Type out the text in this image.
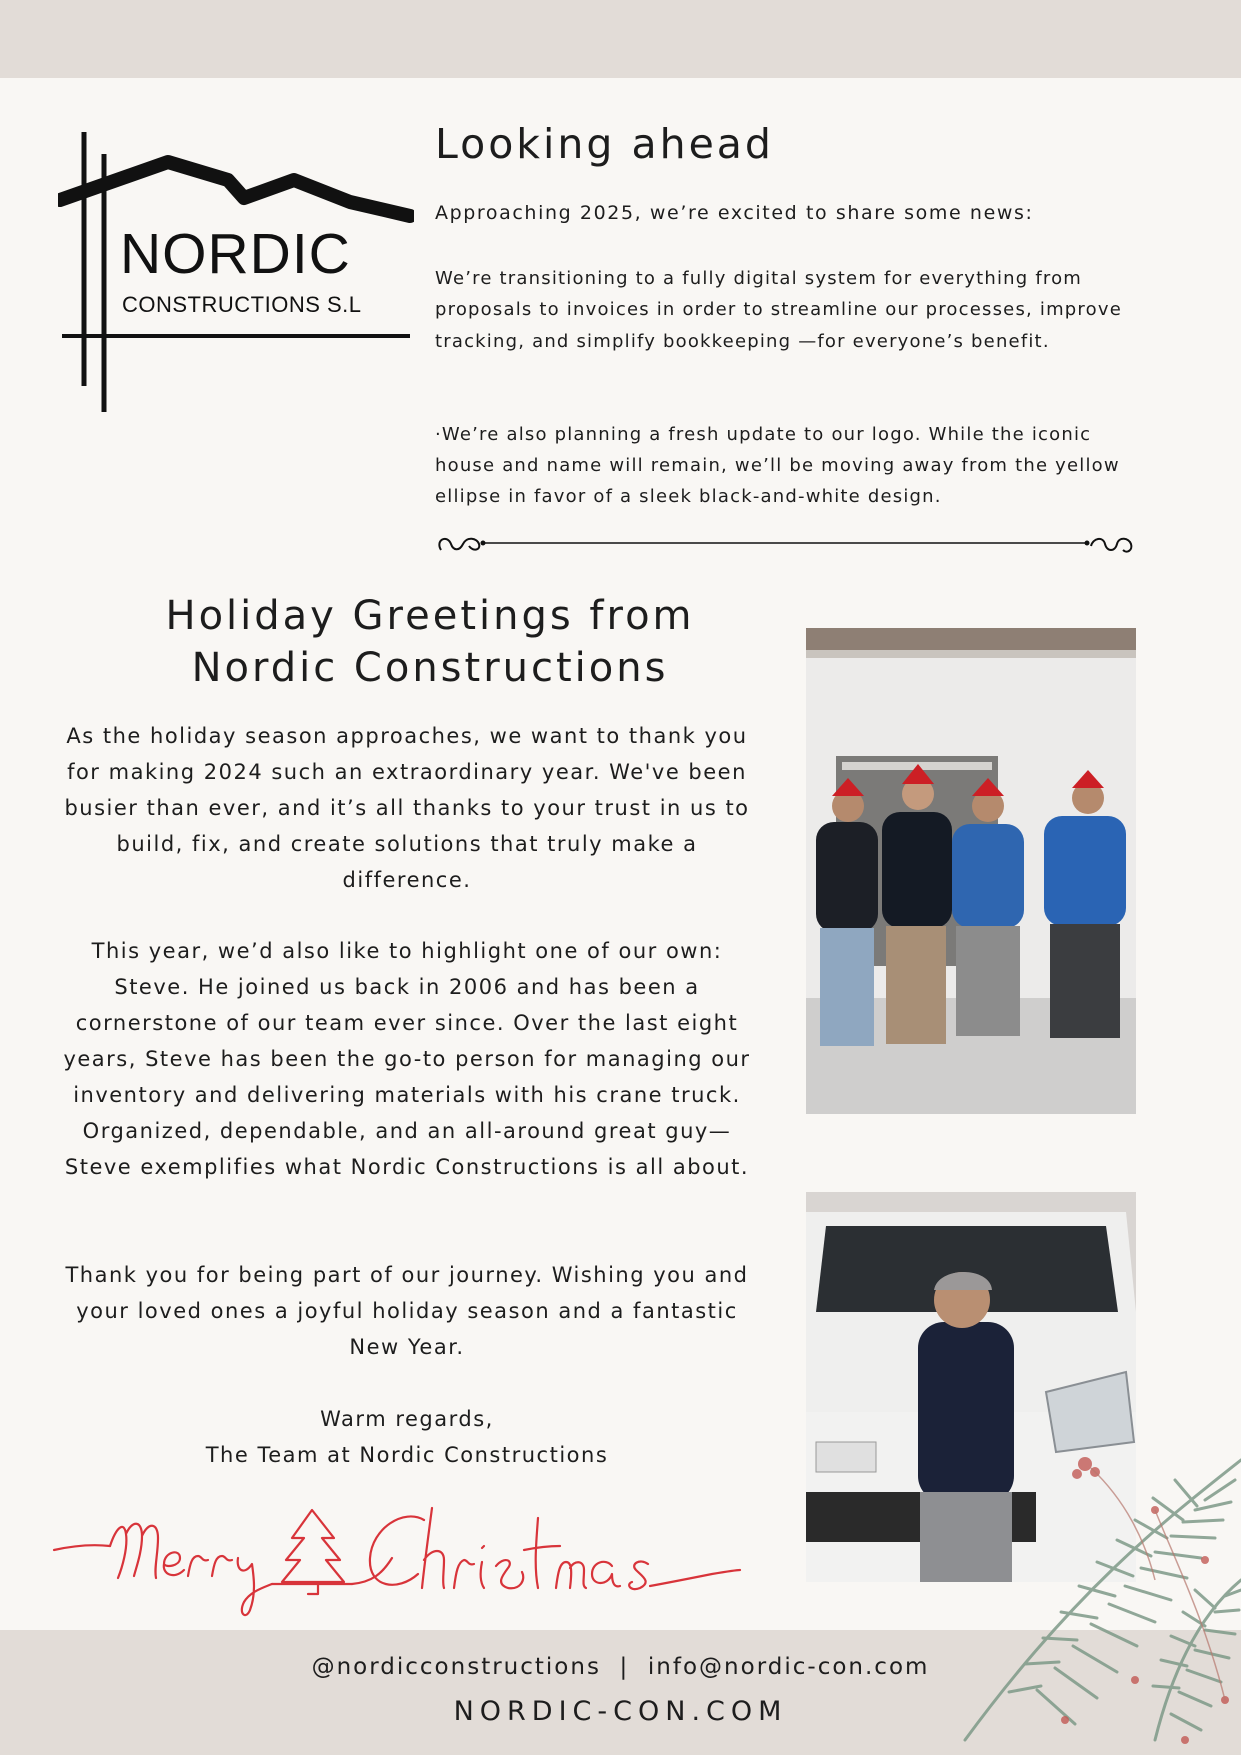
NORDIC
CONSTRUCTIONS S.L
Looking ahead

Approaching 2025, we’re excited to share some news:

We’re transitioning to a fully digital system for everything from proposals to invoices in order to streamline our processes, improve tracking, and simplify bookkeeping —for everyone’s benefit.

·We’re also planning a fresh update to our logo. While the iconic house and name will remain, we’ll be moving away from the yellow ellipse in favor of a sleek black-and-white design.

Holiday Greetings from
Nordic Constructions

As the holiday season approaches, we want to thank you for making 2024 such an extraordinary year. We've been busier than ever, and it’s all thanks to your trust in us to build, fix, and create solutions that truly make a difference.

This year, we’d also like to highlight one of our own: Steve. He joined us back in 2006 and has been a cornerstone of our team ever since. Over the last eight years, Steve has been the go-to person for managing our inventory and delivering materials with his crane truck. Organized, dependable, and an all-around great guy—Steve exemplifies what Nordic Constructions is all about.

Thank you for being part of our journey. Wishing you and your loved ones a joyful holiday season and a fantastic New Year.

Warm regards,
The Team at Nordic Constructions

@nordicconstructions  |  info@nordic-con.com

NORDIC-CON.COM
